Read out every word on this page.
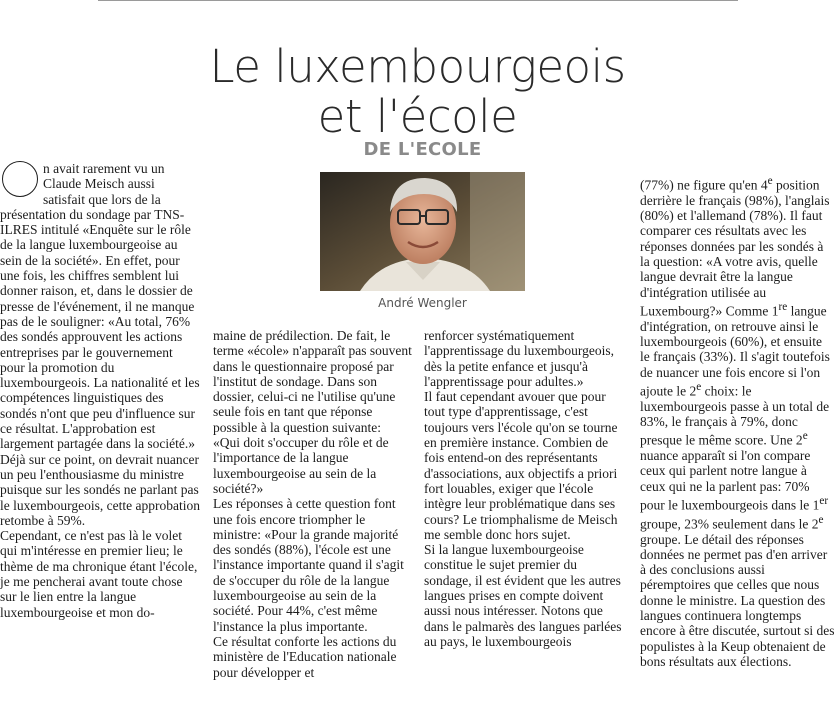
Le luxembourgeois
et l'école
DE L'ECOLE
André Wengler

n avait rarement vu un Claude Meisch aussi satisfait que lors de la présentation du sondage par TNS-ILRES intitulé «Enquête sur le rôle de la langue luxembourgeoise au sein de la société». En effet, pour une fois, les chiffres semblent lui donner raison, et, dans le dossier de presse de l'événement, il ne manque pas de le souligner: «Au total, 76% des sondés approuvent les actions entreprises par le gouvernement pour la promotion du luxembourgeois. La nationalité et les compétences linguistiques des sondés n'ont que peu d'influence sur ce résultat. L'approbation est largement partagée dans la société.» Déjà sur ce point, on devrait nuancer un peu l'enthousiasme du ministre puisque sur les sondés ne parlant pas le luxembourgeois, cette approbation retombe à 59%.

Cependant, ce n'est pas là le volet qui m'intéresse en premier lieu; le thème de ma chronique étant l'école, je me pencherai avant toute chose sur le lien entre la langue luxembourgeoise et mon do-

maine de prédilection. De fait, le terme «école» n'apparaît pas souvent dans le questionnaire proposé par l'institut de sondage. Dans son dossier, celui-ci ne l'utilise qu'une seule fois en tant que réponse possible à la question suivante:

«Qui doit s'occuper du rôle et de l'importance de la langue luxembourgeoise au sein de la société?»

Les réponses à cette question font une fois encore triompher le ministre: «Pour la grande majorité des sondés (88%), l'école est une l'instance importante quand il s'agit de s'occuper du rôle de la langue luxembourgeoise au sein de la société. Pour 44%, c'est même l'instance la plus importante.

Ce résultat conforte les actions du ministère de l'Education nationale pour développer et

renforcer systématiquement l'apprentissage du luxembourgeois, dès la petite enfance et jusqu'à l'apprentissage pour adultes.»

Il faut cependant avouer que pour tout type d'apprentissage, c'est toujours vers l'école qu'on se tourne en première instance. Combien de fois entend-on des représentants d'associations, aux objectifs a priori fort louables, exiger que l'école intègre leur problématique dans ses cours? Le triomphalisme de Meisch me semble donc hors sujet.

Si la langue luxembourgeoise constitue le sujet premier du sondage, il est évident que les autres langues prises en compte doivent aussi nous intéresser. Notons que dans le palmarès des langues parlées au pays, le luxembourgeois

(77%) ne figure qu'en 4e position derrière le français (98%), l'anglais (80%) et l'allemand (78%). Il faut comparer ces résultats avec les réponses données par les sondés à la question: «A votre avis, quelle langue devrait être la langue d'intégration utilisée au Luxembourg?» Comme 1re langue d'intégration, on retrouve ainsi le luxembourgeois (60%), et ensuite le français (33%). Il s'agit toutefois de nuancer une fois encore si l'on ajoute le 2e choix: le luxembourgeois passe à un total de 83%, le français à 79%, donc presque le même score. Une 2e nuance apparaît si l'on compare ceux qui parlent notre langue à ceux qui ne la parlent pas: 70% pour le luxembourgeois dans le 1er groupe, 23% seulement dans le 2e groupe. Le détail des réponses données ne permet pas d'en arriver à des conclusions aussi péremptoires que celles que nous donne le ministre. La question des langues continuera longtemps encore à être discutée, surtout si des populistes à la Keup obtenaient de bons résultats aux élections.
